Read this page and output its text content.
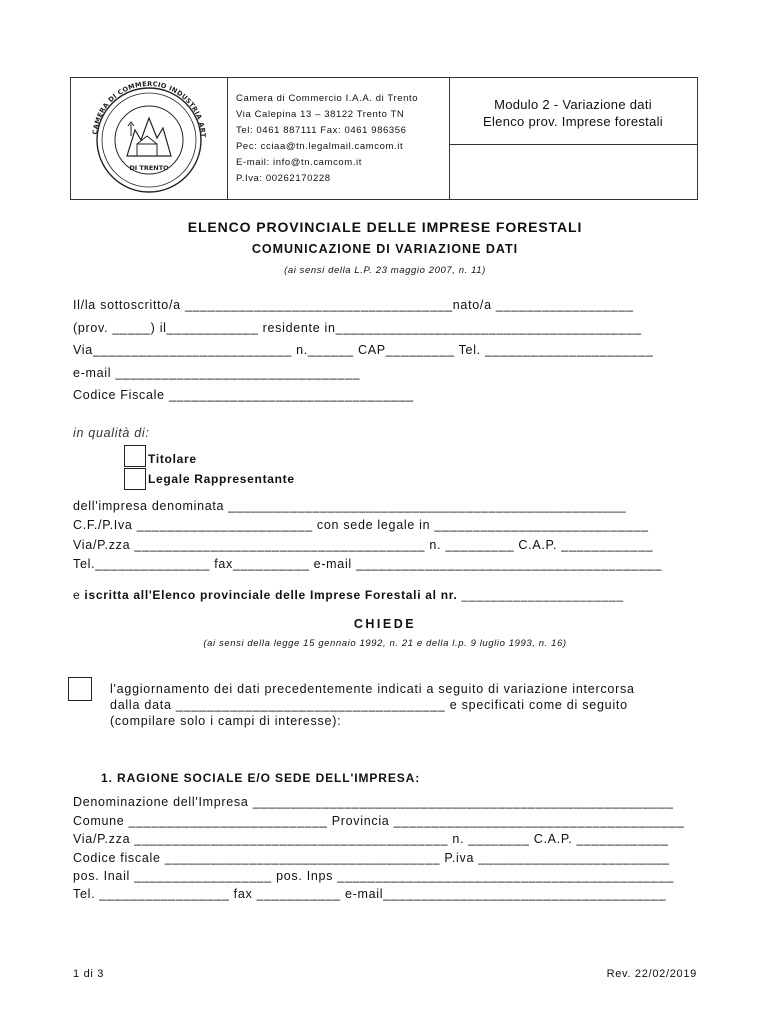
CAMERA DI COMMERCIO INDUSTRIA ART
DI TRENTO
Camera di Commercio I.A.A. di Trento
Via Calepina 13 – 38122 Trento TN
Tel: 0461 887111 Fax: 0461 986356
Pec: cciaa@tn.legalmail.camcom.it
E-mail: info@tn.camcom.it
P.Iva: 00262170228
Modulo 2 - Variazione dati
Elenco prov. Imprese forestali
ELENCO PROVINCIALE DELLE IMPRESE FORESTALI
COMUNICAZIONE DI VARIAZIONE DATI
(ai sensi della L.P. 23 maggio 2007, n. 11)
Il/la sottoscritto/a ___________________________________nato/a __________________
(prov. _____) il____________ residente in________________________________________
Via__________________________ n.______ CAP_________ Tel. ______________________
e-mail ________________________________
Codice Fiscale ________________________________
in qualità di:
Titolare
Legale Rappresentante
dell'impresa denominata ____________________________________________________
C.F./P.Iva _______________________ con sede legale in ____________________________
Via/P.zza ______________________________________ n. _________ C.A.P. ____________
Tel._______________ fax__________ e-mail ________________________________________
e iscritta all'Elenco provinciale delle Imprese Forestali al nr. ______________________
CHIEDE
(ai sensi della legge 15 gennaio 1992, n. 21 e della l.p. 9 luglio 1993, n. 16)
l'aggiornamento dei dati precedentemente indicati a seguito di variazione intercorsa
dalla data ___________________________________ e specificati come di seguito
(compilare solo i campi di interesse):
1. RAGIONE SOCIALE E/O SEDE DELL'IMPRESA:
Denominazione dell'Impresa _______________________________________________________
Comune __________________________ Provincia ______________________________________
Via/P.zza _________________________________________ n. ________ C.A.P. ____________
Codice fiscale ____________________________________ P.iva _________________________
pos. Inail __________________ pos. Inps ____________________________________________
Tel. _________________ fax ___________ e-mail_____________________________________
1 di 3	Rev. 22/02/2019
